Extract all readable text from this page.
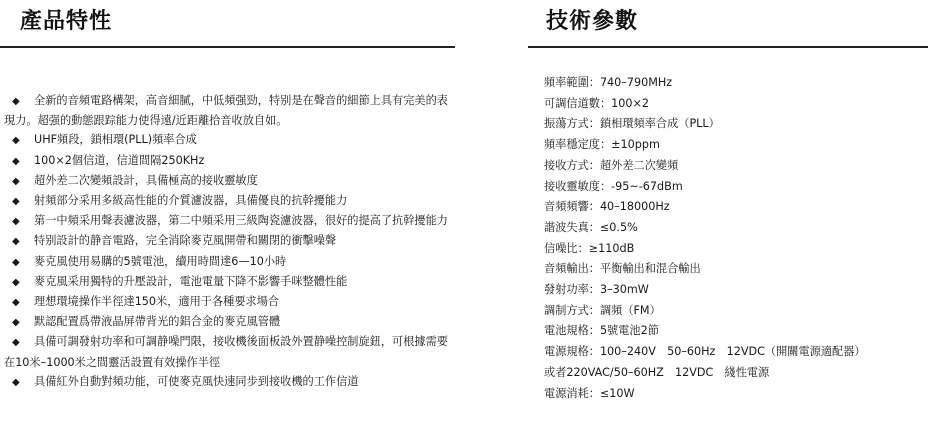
產品特性	技術參數
◆ 全新的音頻電路構架，高音細膩，中低頻强勁，特别是在聲音的細節上具有完美的表現力。超强的動態跟踪能力使得遠/近距離拾音收放自如。
◆ UHF頻段，鎖相環(PLL)頻率合成
◆ 100×2個信道，信道間隔250KHz
◆ 超外差二次變頻設計，具備極高的接收靈敏度
◆ 射頻部分采用多級高性能的介質濾波器，具備優良的抗幹擾能力
◆ 第一中頻采用聲表濾波器，第二中頻采用三級陶瓷濾波器，很好的提高了抗幹擾能力
◆ 特别設計的静音電路，完全消除麥克風開帶和關閉的衝擊噪聲
◆ 麥克風使用易購的5號電池，續用時間達6—10小時
◆ 麥克風采用獨特的升壓設計，電池電量下降不影響手咪整體性能
◆ 理想環境操作半徑達150米，適用于各種要求場合
◆ 默認配置爲帶液晶屏帶背光的鋁合金的麥克風管體
◆ 具備可調發射功率和可調静噪門限，接收機後面板設外置静噪控制旋鈕，可根據需要在10米–1000米之間靈活設置有效操作半徑
◆ 具備紅外自動對頻功能，可使麥克風快速同步到接收機的工作信道
頻率範圍：740–790MHz
可調信道數：100×2
振蕩方式：鎖相環頻率合成（PLL）
頻率穩定度：±10ppm
接收方式：超外差二次變頻
接收靈敏度：-95~-67dBm
音頻頻響：40–18000Hz
諧波失真：≤0.5%
信噪比：≥110dB
音頻輸出：平衡輸出和混合輸出
發射功率：3–30mW
調制方式：調頻（FM）
電池規格：5號電池2節
電源規格：100–240V　50–60Hz　12VDC（開關電源適配器）
或者220VAC/50–60HZ　12VDC　綫性電源
電源消耗：≤10W
